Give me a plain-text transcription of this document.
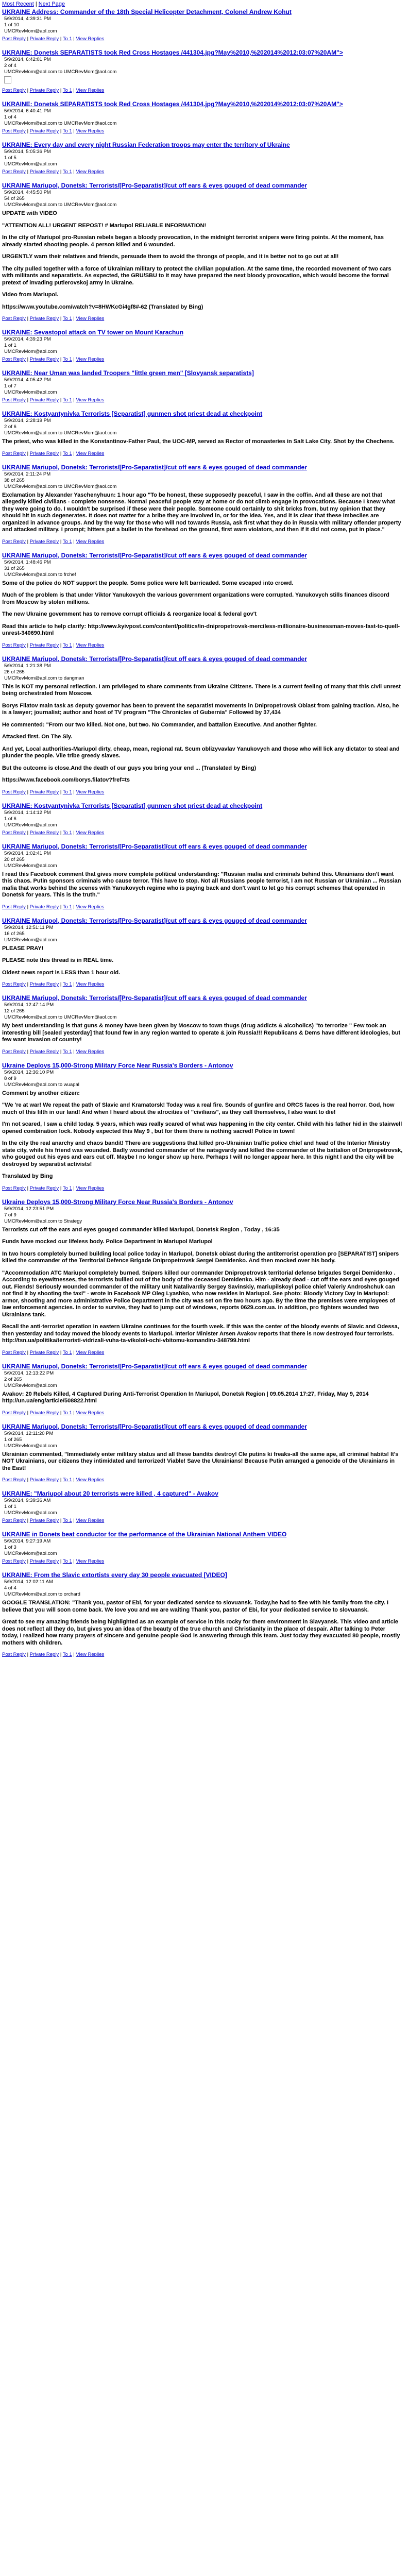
Most Recent | Next Page
UKRAINE Address: Commander of the 18th Special Helicopter Detachment, Colonel Andrew Kohut
5/9/2014, 4:39:31 PM
1 of 10
UMCRevMom@aol.com
Post Reply | Private Reply | To 1 | View Replies
UKRAINE: Donetsk SEPARATISTS took Red Cross Hostages /441304.jpg?May%2010,%202014%2012:03:07%20AM">
5/9/2014, 6:42:01 PM
2 of 4
UMCRevMom@aol.com to UMCRevMom@aol.com
Post Reply | Private Reply | To 1 | View Replies
UKRAINE: Donetsk SEPARATISTS took Red Cross Hostages /441304.jpg?May%2010,%202014%2012:03:07%20AM">
5/9/2014, 6:40:41 PM
1 of 4
UMCRevMom@aol.com to UMCRevMom@aol.com
Post Reply | Private Reply | To 1 | View Replies
UKRAINE: Every day and every night Russian Federation troops may enter the territory of Ukraine
5/9/2014, 5:05:36 PM
1 of 5
UMCRevMom@aol.com
Post Reply | Private Reply | To 1 | View Replies
UKRAINE Mariupol, Donetsk: Terrorists/[Pro-Separatist]/cut off ears & eyes gouged of dead commander
5/9/2014, 4:45:50 PM
54 of 265
UMCRevMom@aol.com to UMCRevMom@aol.com

UPDATE with VIDEO

"ATTENTION ALL! URGENT REPOST! # Mariupol RELIABLE INFORMATION!

In the city of Mariupol pro-Russian rebels began a bloody provocation, in the midnight terrorist snipers were firing points. At the moment, has already started shooting people. 4 person killed and 6 wounded.

URGENTLY warn their relatives and friends, persuade them to avoid the throngs of people, and it is better not to go out at all!

The city pulled together with a force of Ukrainian military to protect the civilian population. At the same time, the recorded movement of two cars with militants and separatists. As expected, the GRU/SBU to it may have prepared the next bloody provocation, which would become the formal pretext of invading putlerovskoj army in Ukraine.

Video from Mariupol.

https://www.youtube.com/watch?v=8HWKcGi4gf8#-62 (Translated by Bing)

Post Reply | Private Reply | To 1 | View Replies
UKRAINE: Sevastopol attack on TV tower on Mount Karachun
5/9/2014, 4:39:23 PM
1 of 1
UMCRevMom@aol.com
Post Reply | Private Reply | To 1 | View Replies
UKRAINE: Near Uman was landed Troopers "little green men" [Slovyansk separatists]
5/9/2014, 4:05:42 PM
1 of 7
UMCRevMom@aol.com
Post Reply | Private Reply | To 1 | View Replies
UKRAINE: Kostyantynivka Terrorists [Separatist] gunmen shot priest dead at checkpoint
5/9/2014, 2:28:19 PM
2 of 6
UMCRevMom@aol.com to UMCRevMom@aol.com

The priest, who was killed in the Konstantinov-Father Paul, the UOC-MP, served as Rector of monasteries in Salt Lake City. Shot by the Chechens.

Post Reply | Private Reply | To 1 | View Replies
UKRAINE Mariupol, Donetsk: Terrorists/[Pro-Separatist]/cut off ears & eyes gouged of dead commander
5/9/2014, 2:11:24 PM
38 of 265
UMCRevMom@aol.com to UMCRevMom@aol.com

Exclamation by Alexander Yaschenyhuun: 1 hour ago "To be honest, these supposedly peaceful, I saw in the coffin. And all these are not that allegedly killed civilians - complete nonsense. Normal peaceful people stay at home or do not climb engage in provocations. Because I knew what they were going to do. I wouldn't be surprised if these were their people. Someone could certainly to shit bricks from, but my opinion that they should hit in such degenerates. It does not matter for a bribe they are involved in, or for the idea. Yes, and it is clear that these imbeciles are organized in advance groups. And by the way for those who will nod towards Russia, ask first what they do in Russia with military offender property and attacked military. I prompt; hitters put a bullet in the forehead on the ground, first warn violators, and then if it did not come, put in place."

Post Reply | Private Reply | To 1 | View Replies
UKRAINE Mariupol, Donetsk: Terrorists/[Pro-Separatist]/cut off ears & eyes gouged of dead commander
5/9/2014, 1:48:46 PM
31 of 265
UMCRevMom@aol.com to frchef

Some of the police do NOT support the people. Some police were left barricaded. Some escaped into crowd.

Much of the problem is that under Viktor Yanukovych the various government organizations were corrupted. Yanukovych stills finances discord from Moscow by stolen millions.

The new Ukraine government has to remove corrupt officials & reorganize local & federal gov't

Read this article to help clarify: http://www.kyivpost.com/content/politics/in-dnipropetrovsk-merciless-millionaire-businessman-moves-fast-to-quell-unrest-340690.html

Post Reply | Private Reply | To 1 | View Replies
UKRAINE Mariupol, Donetsk: Terrorists/[Pro-Separatist]/cut off ears & eyes gouged of dead commander
5/9/2014, 1:21:38 PM
26 of 265
UMCRevMom@aol.com to dangman

This is NOT my personal reflection. I am privileged to share comments from Ukraine Citizens. There is a current feeling of many that this civil unrest being orchestrated from Moscow.

Borys Filatov main task as deputy governor has been to prevent the separatist movements in Dnipropetrovsk Oblast from gaining traction. Also, he is a lawyer; journalist; author and host of TV program "The Chronicles of Gubernia" Followed by 37,434

He commented: "From our two killed. Not one, but two. No Commander, and battalion Executive. And another fighter.

Attacked first. On The Sly.

And yet, Local authorities-Mariupol dirty, cheap, mean, regional rat. Scum oblizyvavlav Yanukovych and those who will lick any dictator to steal and plunder the people. Vile tribe greedy slaves.

But the outcome is close.And the death of our guys you bring your end ... (Translated by Bing)

https://www.facebook.com/borys.filatov?fref=ts

Post Reply | Private Reply | To 1 | View Replies
UKRAINE: Kostyantynivka Terrorists [Separatist] gunmen shot priest dead at checkpoint
5/9/2014, 1:14:12 PM
1 of 6
UMCRevMom@aol.com
Post Reply | Private Reply | To 1 | View Replies
UKRAINE Mariupol, Donetsk: Terrorists/[Pro-Separatist]/cut off ears & eyes gouged of dead commander
5/9/2014, 1:02:41 PM
20 of 265
UMCRevMom@aol.com

I read this Facebook comment that gives more complete political understanding: "Russian mafia and criminals behind this. Ukrainians don't want this chaos. Putin sponsors criminals who cause terror. This have to stop. Not all Russians people terrorist, I am not Russian or Ukrainian ... Russian mafia that works behind the scenes with Yanukovych regime who is paying back and don't want to let go his corrupt schemes that operated in Donetsk for years. This is the truth."

Post Reply | Private Reply | To 1 | View Replies
UKRAINE Mariupol, Donetsk: Terrorists/[Pro-Separatist]/cut off ears & eyes gouged of dead commander
5/9/2014, 12:51:11 PM
16 of 265
UMCRevMom@aol.com

PLEASE PRAY!

PLEASE note this thread is in REAL time.

Oldest news report is LESS than 1 hour old.

Post Reply | Private Reply | To 1 | View Replies
UKRAINE Mariupol, Donetsk: Terrorists/[Pro-Separatist]/cut off ears & eyes gouged of dead commander
5/9/2014, 12:47:14 PM
12 of 265
UMCRevMom@aol.com to UMCRevMom@aol.com

My best understanding is that guns & money have been given by Moscow to town thugs (drug addicts & alcoholics) "to terrorize " Few took an interesting bill [sealed yesterday] that found few in any region wanted to operate & join Russia!!! Republicans & Dems have different ideologies, but few want invasion of country!

Post Reply | Private Reply | To 1 | View Replies
Ukraine Deploys 15,000-Strong Military Force Near Russia's Borders - Antonov
5/9/2014, 12:36:10 PM
8 of 9
UMCRevMom@aol.com to wuapal

Comment by another citizen:

"We 're at war! We repeat the path of Slavic and Kramatorsk! Today was a real fire. Sounds of gunfire and ORCS faces is the real horror. God, how much of this filth in our land! And when I heard about the atrocities of "civilians", as they call themselves, I also want to die!

I'm not scared, I saw a child today. 5 years, which was really scared of what was happening in the city center. Child with his father hid in the stairwell opened combination lock. Nobody expected this May 9 , but for them there is nothing sacred! Police in town!

In the city the real anarchy and chaos bandit! There are suggestions that killed pro-Ukrainian traffic police chief and head of the Interior Ministry state city, while his friend was wounded. Badly wounded commander of the natsgvardy and killed the commander of the battalion of Dnipropetrovsk, who gouged out his eyes and ears cut off. Maybe I no longer show up here. Perhaps I will no longer appear here. In this night I and the city will be destroyed by separatist activists!

Translated by Bing

Post Reply | Private Reply | To 1 | View Replies
Ukraine Deploys 15,000-Strong Military Force Near Russia's Borders - Antonov
5/9/2014, 12:23:51 PM
7 of 9
UMCRevMom@aol.com to Strategy

Terrorists cut off the ears and eyes gouged commander killed Mariupol, Donetsk Region , Today , 16:35

Funds have mocked our lifeless body. Police Department in Mariupol Mariupol

In two hours completely burned building local police today in Mariupol, Donetsk oblast during the antiterrorist operation pro [SEPARATIST] snipers killed the commander of the Territorial Defence Brigade Dnipropetrovsk Sergei Demidenko. And then mocked over his body.

"Accommodation ATC Mariupol completely burned. Snipers killed our commander Dnipropetrovsk territorial defense brigades Sergei Demidenko . According to eyewitnesses, the terrorists bullied out of the body of the deceased Demidenko. Him - already dead - cut off the ears and eyes gouged out. Fiends! Seriously wounded commander of the military unit Natalivardiy Sergey Savinskiy, mariupilskoyi police chief Valeriy Androshchuk can not find it by shooting the taxi" - wrote in Facebook MP Oleg Lyashko, who now resides in Mariupol. See photo: Bloody Victory Day in Mariupol: armor, shooting and more administrative Police Department in the city was set on fire two hours ago. By the time the premises were employees of law enforcement agencies. In order to survive, they had to jump out of windows, reports 0629.com.ua. In addition, pro fighters wounded two Ukrainians tank.

Recall the anti-terrorist operation in eastern Ukraine continues for the fourth week. If this was the center of the bloody events of Slavic and Odessa, then yesterday and today moved the bloody events to Mariupol. Interior Minister Arsen Avakov reports that there is now destroyed four terrorists. http://tsn.ua/politika/terroristi-vidrizali-vuha-ta-vikololi-ochi-vbitomu-komandiru-348799.html

Post Reply | Private Reply | To 1 | View Replies
UKRAINE Mariupol, Donetsk: Terrorists/[Pro-Separatist]/cut off ears & eyes gouged of dead commander
5/9/2014, 12:13:22 PM
2 of 265
UMCRevMom@aol.com

Avakov: 20 Rebels Killed, 4 Captured During Anti-Terrorist Operation In Mariupol, Donetsk Region | 09.05.2014 17:27, Friday, May 9, 2014 http://un.ua/eng/article/508822.html

Post Reply | Private Reply | To 1 | View Replies
UKRAINE Mariupol, Donetsk: Terrorists/[Pro-Separatist]/cut off ears & eyes gouged of dead commander
5/9/2014, 12:11:20 PM
1 of 265
UMCRevMom@aol.com

Ukrainian commented, "Immediately enter military status and all these bandits destroy! Cle putins ki freaks-all the same ape, all criminal habits! It's NOT Ukrainians, our citizens they intimidated and terrorized! Viable! Save the Ukrainians! Because Putin arranged a genocide of the Ukrainians in the East!

Post Reply | Private Reply | To 1 | View Replies
UKRAINE: "Mariupol about 20 terrorists were killed , 4 captured" - Avakov
5/9/2014, 9:39:36 AM
1 of 1
UMCRevMom@aol.com
Post Reply | Private Reply | To 1 | View Replies
UKRAINE in Donets beat conductor for the performance of the Ukrainian National Anthem VIDEO
5/9/2014, 9:27:19 AM
1 of 3
UMCRevMom@aol.com
Post Reply | Private Reply | To 1 | View Replies
UKRAINE: From the Slavic extortists every day 30 people evacuated [VIDEO]
5/9/2014, 12:02:11 AM
4 of 4
UMCRevMom@aol.com to orchard

GOOGLE TRANSLATION: "Thank you, pastor of Ebi, for your dedicated service to slovuansk. Today,he had to flee with his family from the city. I believe that you will soon come back. We love you and we are waiting Thank you, pastor of Ebi, for your dedicated service to slovuansk.

Great to see my amazing friends being highlighted as an example of service in this rocky for them environment in Slavyansk. This video and article does not reflect all they do, but gives you an idea of the beauty of the true church and Christianity in the place of despair. After talking to Peter today, I realized how many prayers of sincere and genuine people God is answering through this team. Just today they evacuated 80 people, mostly mothers with children.

Post Reply | Private Reply | To 1 | View Replies
